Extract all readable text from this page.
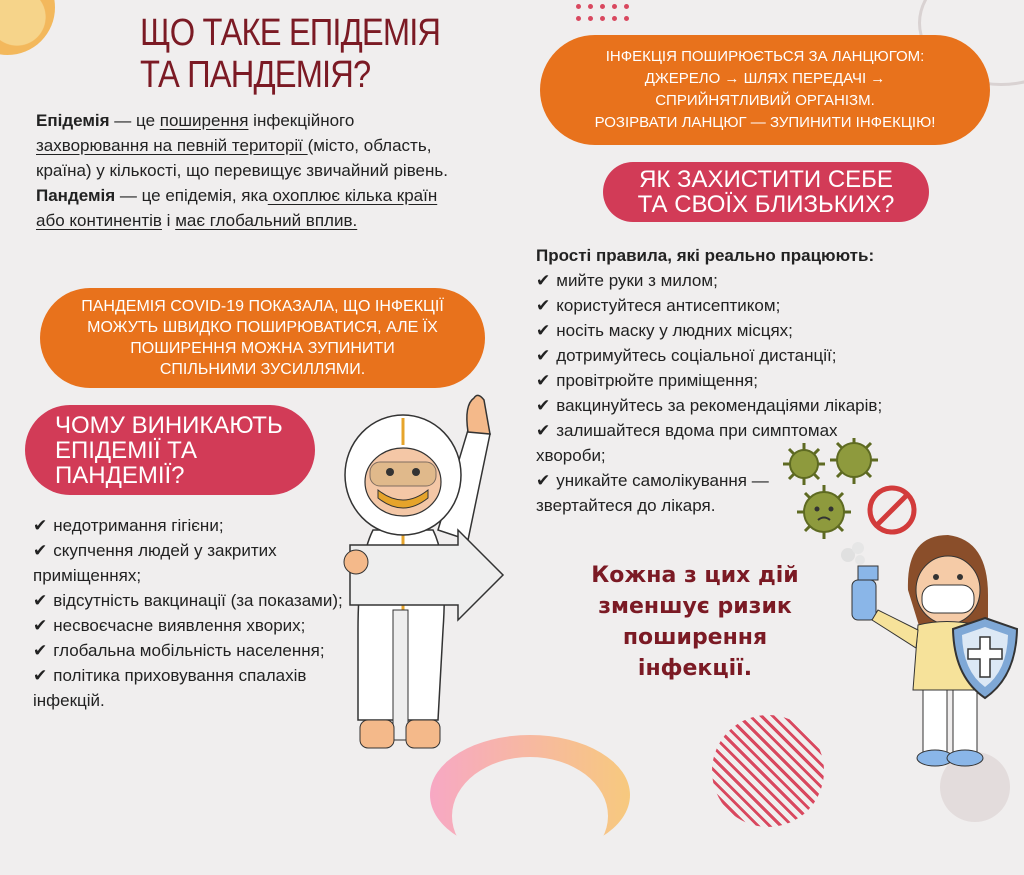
ЩО ТАКЕ ЕПІДЕМІЯ
ТА ПАНДЕМІЯ?
Епідемія — це поширення інфекційного захворювання на певній території (місто, область, країна) у кількості, що перевищує звичайний рівень.
Пандемія — це епідемія, яка охоплює кілька країн або континентів і має глобальний вплив.
ПАНДЕМІЯ COVID-19 ПОКАЗАЛА, ЩО ІНФЕКЦІЇ МОЖУТЬ ШВИДКО ПОШИРЮВАТИСЯ, АЛЕ ЇХ ПОШИРЕННЯ МОЖНА ЗУПИНИТИ СПІЛЬНИМИ ЗУСИЛЛЯМИ.
ЧОМУ ВИНИКАЮТЬ ЕПІДЕМІЇ ТА ПАНДЕМІЇ?
✔ недотримання гігієни;
✔ скупчення людей у закритих приміщеннях;
✔ відсутність вакцинації (за показами);
✔ несвоєчасне виявлення хворих;
✔ глобальна мобільність населення;
✔ політика приховування спалахів інфекцій.
ІНФЕКЦІЯ ПОШИРЮЄТЬСЯ ЗА ЛАНЦЮГОМ:
ДЖЕРЕЛО → ШЛЯХ ПЕРЕДАЧІ →
СПРИЙНЯТЛИВИЙ ОРГАНІЗМ.
РОЗІРВАТИ ЛАНЦЮГ — ЗУПИНИТИ ІНФЕКЦІЮ!
ЯК ЗАХИСТИТИ СЕБЕ ТА СВОЇХ БЛИЗЬКИХ?
Прості правила, які реально працюють:
✔ мийте руки з милом;
✔ користуйтеся антисептиком;
✔ носіть маску у людних місцях;
✔ дотримуйтесь соціальної дистанції;
✔ провітрюйте приміщення;
✔ вакцинуйтесь за рекомендаціями лікарів;
✔ залишайтеся вдома при симптомах хвороби;
✔ уникайте самолікування — звертайтеся до лікаря.
Кожна з цих дій зменшує ризик поширення інфекції.
